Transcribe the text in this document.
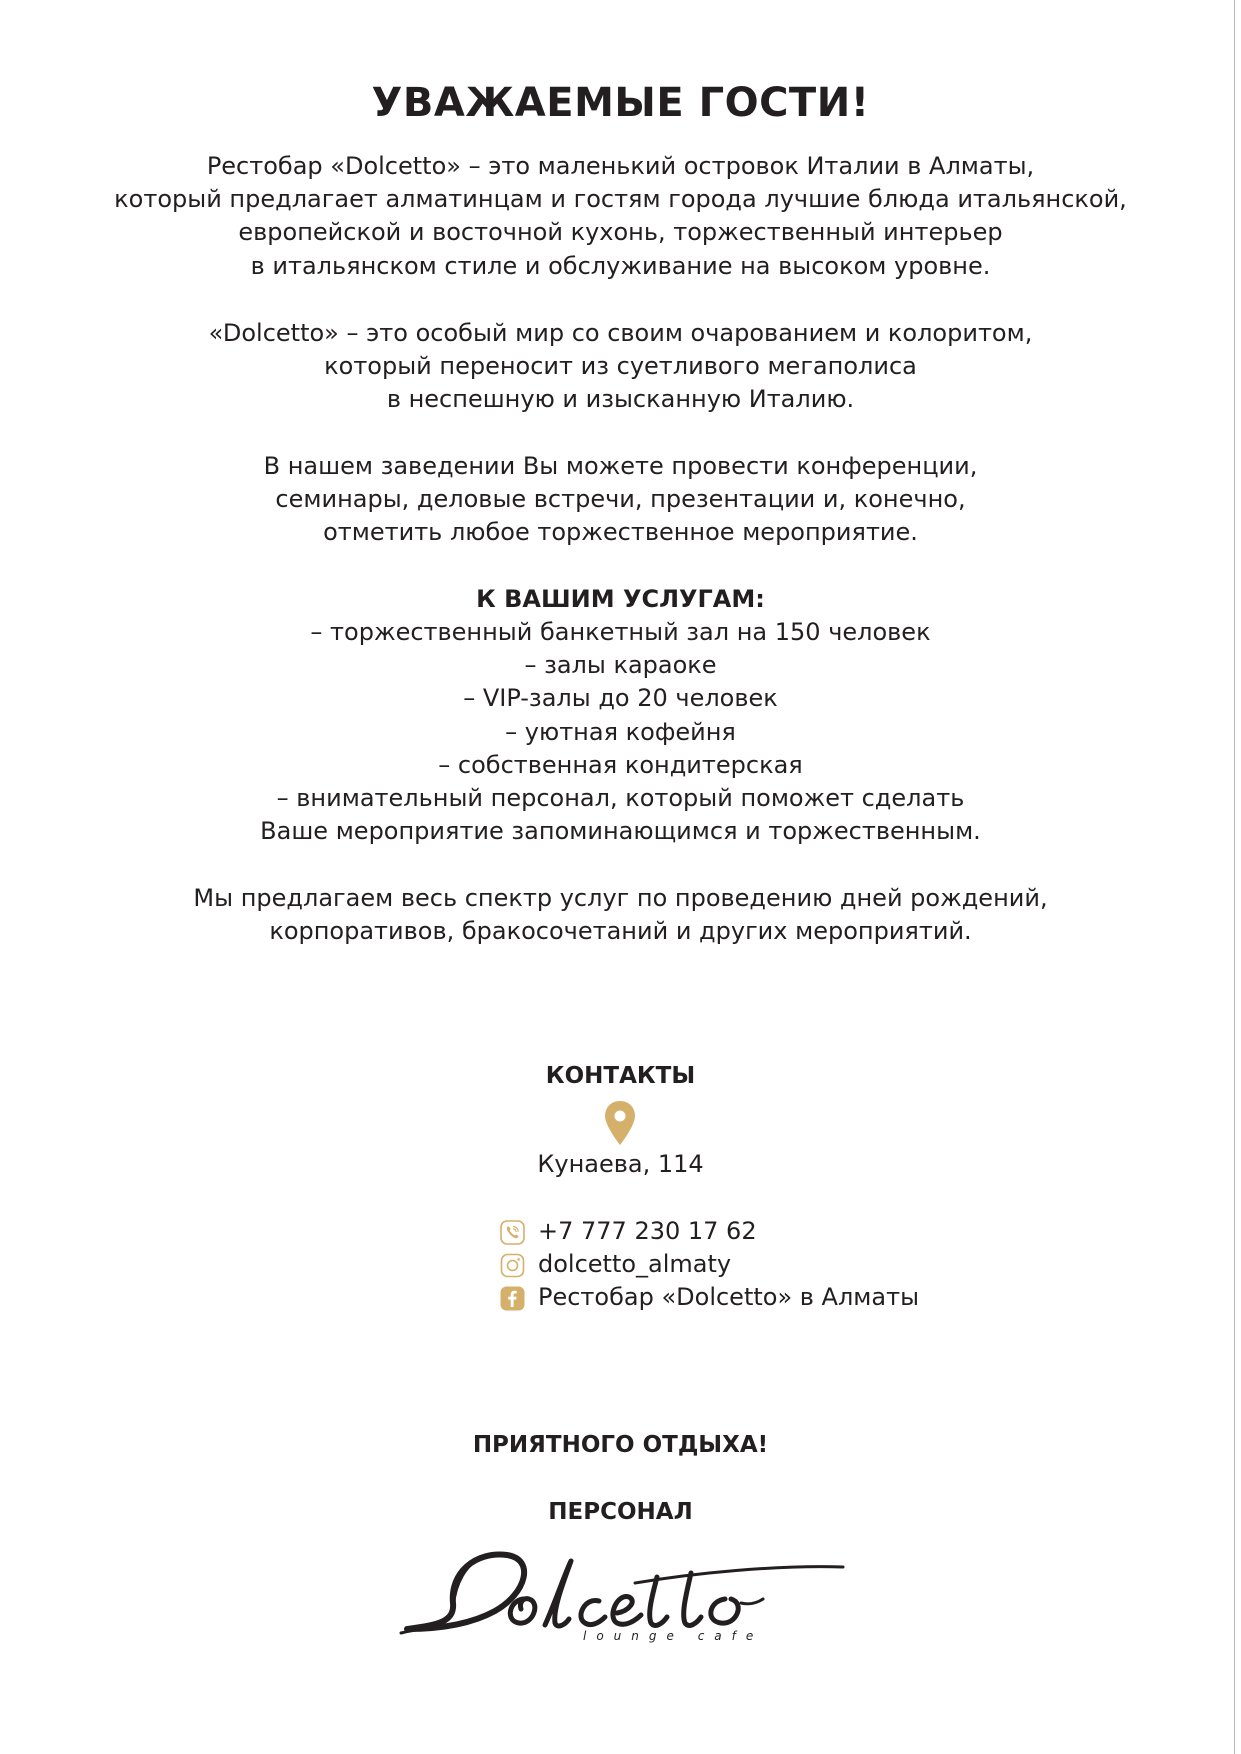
УВАЖАЕМЫЕ ГОСТИ!
Рестобар «Dolcetto» – это маленький островок Италии в Алматы,
который предлагает алматинцам и гостям города лучшие блюда итальянской,
европейской и восточной кухонь, торжественный интерьер
в итальянском стиле и обслуживание на высоком уровне.
«Dolcetto» – это особый мир со своим очарованием и колоритом,
который переносит из суетливого мегаполиса
в неспешную и изысканную Италию.
В нашем заведении Вы можете провести конференции,
семинары, деловые встречи, презентации и, конечно,
отметить любое торжественное мероприятие.
К ВАШИМ УСЛУГАМ:
– торжественный банкетный зал на 150 человек
– залы караоке
– VIP-залы до 20 человек
– уютная кофейня
– собственная кондитерская
– внимательный персонал, который поможет сделать
Ваше мероприятие запоминающимся и торжественным.
Мы предлагаем весь спектр услуг по проведению дней рождений,
корпоративов, бракосочетаний и других мероприятий.
КОНТАКТЫ
Кунаева, 114
+7 777 230 17 62
dolcetto_almaty
Рестобар «Dolcetto» в Алматы
ПРИЯТНОГО ОТДЫХА!
ПЕРСОНАЛ
lounge cafe
